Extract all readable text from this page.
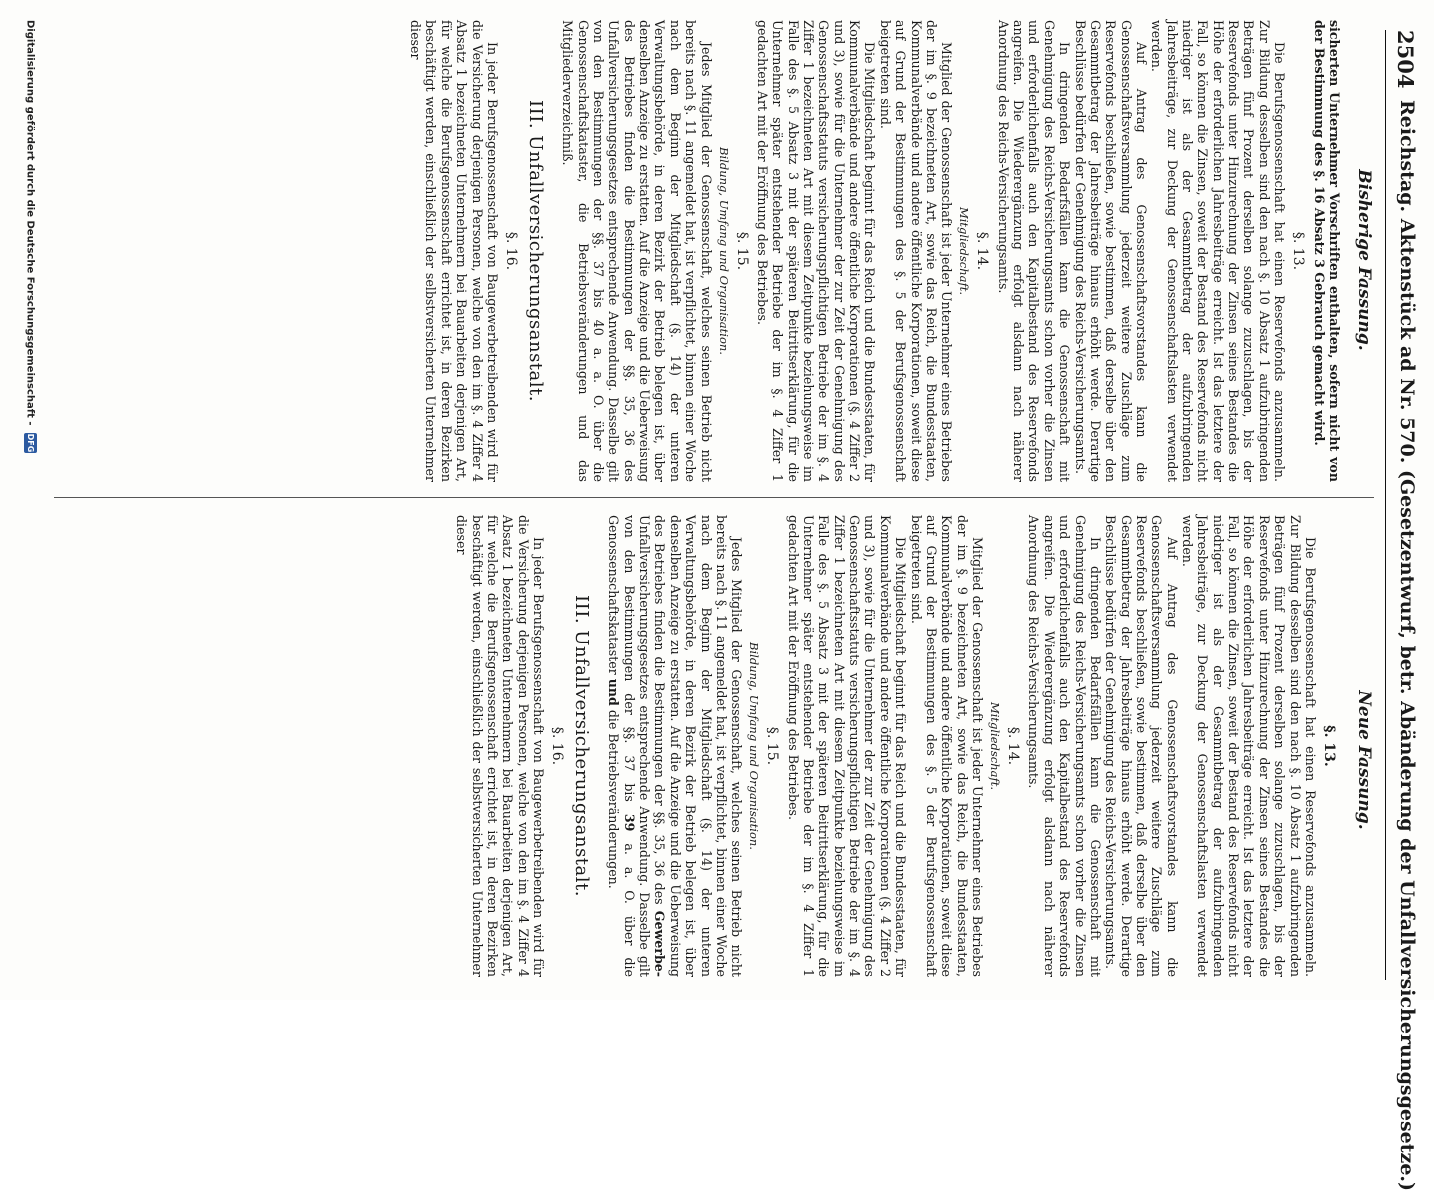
2504
Reichstag. Aktenstück ad Nr. 570. (Gesetzentwurf, betr. Abänderung der Unfallversicherungsgesetze.)
Bisherige Fassung.
Neue Fassung.

sicherten Unternehmer Vorschriften enthalten, sofern nicht von der Bestimmung des §. 16 Absatz 3 Gebrauch gemacht wird.

§. 13.

Die Berufsgenossenschaft hat einen Reservefonds anzusammeln. Zur Bildung desselben sind den nach §. 10 Absatz 1 aufzubringenden Beträgen fünf Prozent derselben solange zuzuschlagen, bis der Reservefonds unter Hinzurechnung der Zinsen seines Bestandes die Höhe der erforderlichen Jahresbeiträge erreicht. Ist das letztere der Fall, so können die Zinsen, soweit der Bestand des Reservefonds nicht niedriger ist als der Gesammtbetrag der aufzubringenden Jahresbeiträge, zur Deckung der Genossenschaftslasten verwendet werden.

Auf Antrag des Genossenschaftsvorstandes kann die Genossenschaftsversammlung jederzeit weitere Zuschläge zum Reservefonds beschließen, sowie bestimmen, daß derselbe über den Gesammtbetrag der Jahresbeiträge hinaus erhöht werde. Derartige Beschlüsse bedürfen der Genehmigung des Reichs-Versicherungsamts.

In dringenden Bedarfsfällen kann die Genossenschaft mit Genehmigung des Reichs-Versicherungsamts schon vorher die Zinsen und erforderlichenfalls auch den Kapitalbestand des Reservefonds angreifen. Die Wiederergänzung erfolgt alsdann nach näherer Anordnung des Reichs-Versicherungsamts.

§. 14.
Mitgliedschaft.

Mitglied der Genossenschaft ist jeder Unternehmer eines Betriebes der im §. 9 bezeichneten Art, sowie das Reich, die Bundesstaaten, Kommunalverbände und andere öffentliche Korporationen, soweit diese auf Grund der Bestimmungen des §. 5 der Berufsgenossenschaft beigetreten sind.

Die Mitgliedschaft beginnt für das Reich und die Bundesstaaten, für Kommunalverbände und andere öffentliche Korporationen (§. 4 Ziffer 2 und 3), sowie für die Unternehmer der zur Zeit der Genehmigung des Genossenschaftsstatuts versicherungspflichtigen Betriebe der im §. 4 Ziffer 1 bezeichneten Art mit diesem Zeitpunkte beziehungsweise im Falle des §. 5 Absatz 3 mit der späteren Beitrittserklärung, für die Unternehmer später entstehender Betriebe der im §. 4 Ziffer 1 gedachten Art mit der Eröffnung des Betriebes.

§. 15.
Bildung, Umfang und Organisation.

Jedes Mitglied der Genossenschaft, welches seinen Betrieb nicht bereits nach §. 11 angemeldet hat, ist verpflichtet, binnen einer Woche nach dem Beginn der Mitgliedschaft (§. 14) der unteren Verwaltungsbehörde, in deren Bezirk der Betrieb belegen ist, über denselben Anzeige zu erstatten. Auf die Anzeige und die Ueberweisung des Betriebes finden die Bestimmungen der §§. 35, 36 des Unfallversicherungsgesetzes entsprechende Anwendung. Dasselbe gilt von den Bestimmungen der §§. 37 bis 40 a. a. O. über die Genossenschaftskataster, die Betriebsveränderungen und das Mitgliederverzeichniß.

III. Unfallversicherungsanstalt.
§. 16.

In jeder Berufsgenossenschaft von Baugewerbetreibenden wird für die Versicherung derjenigen Personen, welche von den im §. 4 Ziffer 4 Absatz 1 bezeichneten Unternehmern bei Bauarbeiten derjenigen Art, für welche die Berufsgenossenschaft errichtet ist, in deren Bezirken beschäftigt werden, einschließlich der selbstversicherten Unternehmer dieser

§. 13.

Die Berufsgenossenschaft hat einen Reservefonds anzusammeln. Zur Bildung desselben sind den nach §. 10 Absatz 1 aufzubringenden Beträgen fünf Prozent derselben solange zuzuschlagen, bis der Reservefonds unter Hinzurechnung der Zinsen seines Bestandes die Höhe der erforderlichen Jahresbeiträge erreicht. Ist das letztere der Fall, so können die Zinsen, soweit der Bestand des Reservefonds nicht niedriger ist als der Gesammtbetrag der aufzubringenden Jahresbeiträge, zur Deckung der Genossenschaftslasten verwendet werden.

Auf Antrag des Genossenschaftsvorstandes kann die Genossenschaftsversammlung jederzeit weitere Zuschläge zum Reservefonds beschließen, sowie bestimmen, daß derselbe über den Gesammtbetrag der Jahresbeiträge hinaus erhöht werde. Derartige Beschlüsse bedürfen der Genehmigung des Reichs-Versicherungsamts.

In dringenden Bedarfsfällen kann die Genossenschaft mit Genehmigung des Reichs-Versicherungsamts schon vorher die Zinsen und erforderlichenfalls auch den Kapitalbestand des Reservefonds angreifen. Die Wiederergänzung erfolgt alsdann nach näherer Anordnung des Reichs-Versicherungsamts.

§. 14.
Mitgliedschaft.

Mitglied der Genossenschaft ist jeder Unternehmer eines Betriebes der im §. 9 bezeichneten Art, sowie das Reich, die Bundesstaaten, Kommunalverbände und andere öffentliche Korporationen, soweit diese auf Grund der Bestimmungen des §. 5 der Berufsgenossenschaft beigetreten sind.

Die Mitgliedschaft beginnt für das Reich und die Bundesstaaten, für Kommunalverbände und andere öffentliche Korporationen (§. 4 Ziffer 2 und 3), sowie für die Unternehmer der zur Zeit der Genehmigung des Genossenschaftsstatuts versicherungspflichtigen Betriebe der im §. 4 Ziffer 1 bezeichneten Art mit diesem Zeitpunkte beziehungsweise im Falle des §. 5 Absatz 3 mit der späteren Beitrittserklärung, für die Unternehmer später entstehender Betriebe der im §. 4 Ziffer 1 gedachten Art mit der Eröffnung des Betriebes.

§. 15.
Bildung, Umfang und Organisation.

Jedes Mitglied der Genossenschaft, welches seinen Betrieb nicht bereits nach §. 11 angemeldet hat, ist verpflichtet, binnen einer Woche nach dem Beginn der Mitgliedschaft (§. 14) der unteren Verwaltungsbehörde, in deren Bezirk der Betrieb belegen ist, über denselben Anzeige zu erstatten. Auf die Anzeige und die Ueberweisung des Betriebes finden die Bestimmungen der §§. 35, 36 des Gewerbe-Unfallversicherungsgesetzes entsprechende Anwendung. Dasselbe gilt von den Bestimmungen der §§. 37 bis 39 a. a. O. über die Genossenschaftskataster und die Betriebsveränderungen.

III. Unfallversicherungsanstalt.
§. 16.

In jeder Berufsgenossenschaft von Baugewerbetreibenden wird für die Versicherung derjenigen Personen, welche von den im §. 4 Ziffer 4 Absatz 1 bezeichneten Unternehmern bei Bauarbeiten derjenigen Art, für welche die Berufsgenossenschaft errichtet ist, in deren Bezirken beschäftigt werden, einschließlich der selbstversicherten Unternehmer dieser

Digitalisierung gefördert durch die Deutsche Forschungsgemeinschaft - DFG
